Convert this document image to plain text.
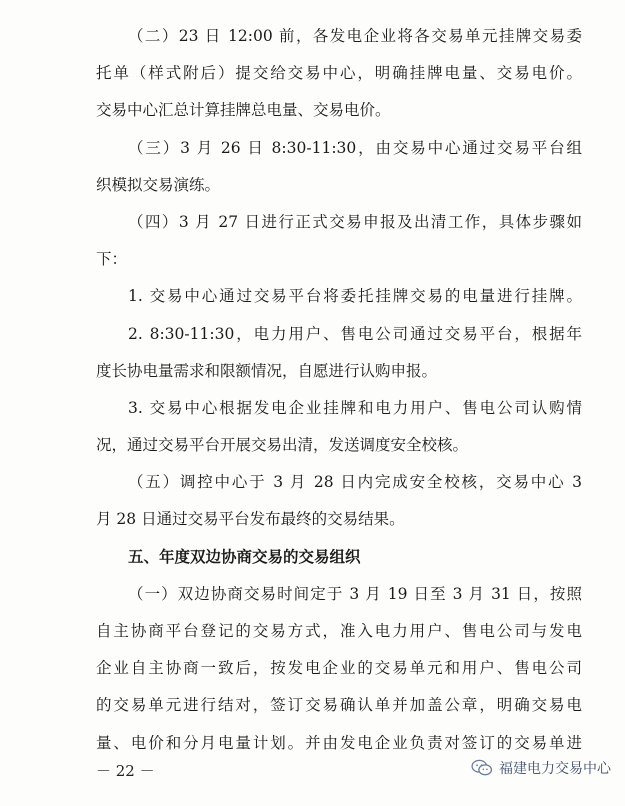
（二）23 日 12:00 前，各发电企业将各交易单元挂牌交易委
托单（样式附后）提交给交易中心，明确挂牌电量、交易电价。
交易中心汇总计算挂牌总电量、交易电价。
（三）3 月 26 日 8:30-11:30，由交易中心通过交易平台组
织模拟交易演练。
（四）3 月 27 日进行正式交易申报及出清工作，具体步骤如
下：
1. 交易中心通过交易平台将委托挂牌交易的电量进行挂牌。
2. 8:30-11:30，电力用户、售电公司通过交易平台，根据年
度长协电量需求和限额情况，自愿进行认购申报。
3. 交易中心根据发电企业挂牌和电力用户、售电公司认购情
况，通过交易平台开展交易出清，发送调度安全校核。
（五）调控中心于 3 月 28 日内完成安全校核，交易中心 3
月 28 日通过交易平台发布最终的交易结果。
五、年度双边协商交易的交易组织
（一）双边协商交易时间定于 3 月 19 日至 3 月 31 日，按照
自主协商平台登记的交易方式，准入电力用户、售电公司与发电
企业自主协商一致后，按发电企业的交易单元和用户、售电公司
的交易单元进行结对，签订交易确认单并加盖公章，明确交易电
量、电价和分月电量计划。并由发电企业负责对签订的交易单进
－ 22 －	福建电力交易中心
